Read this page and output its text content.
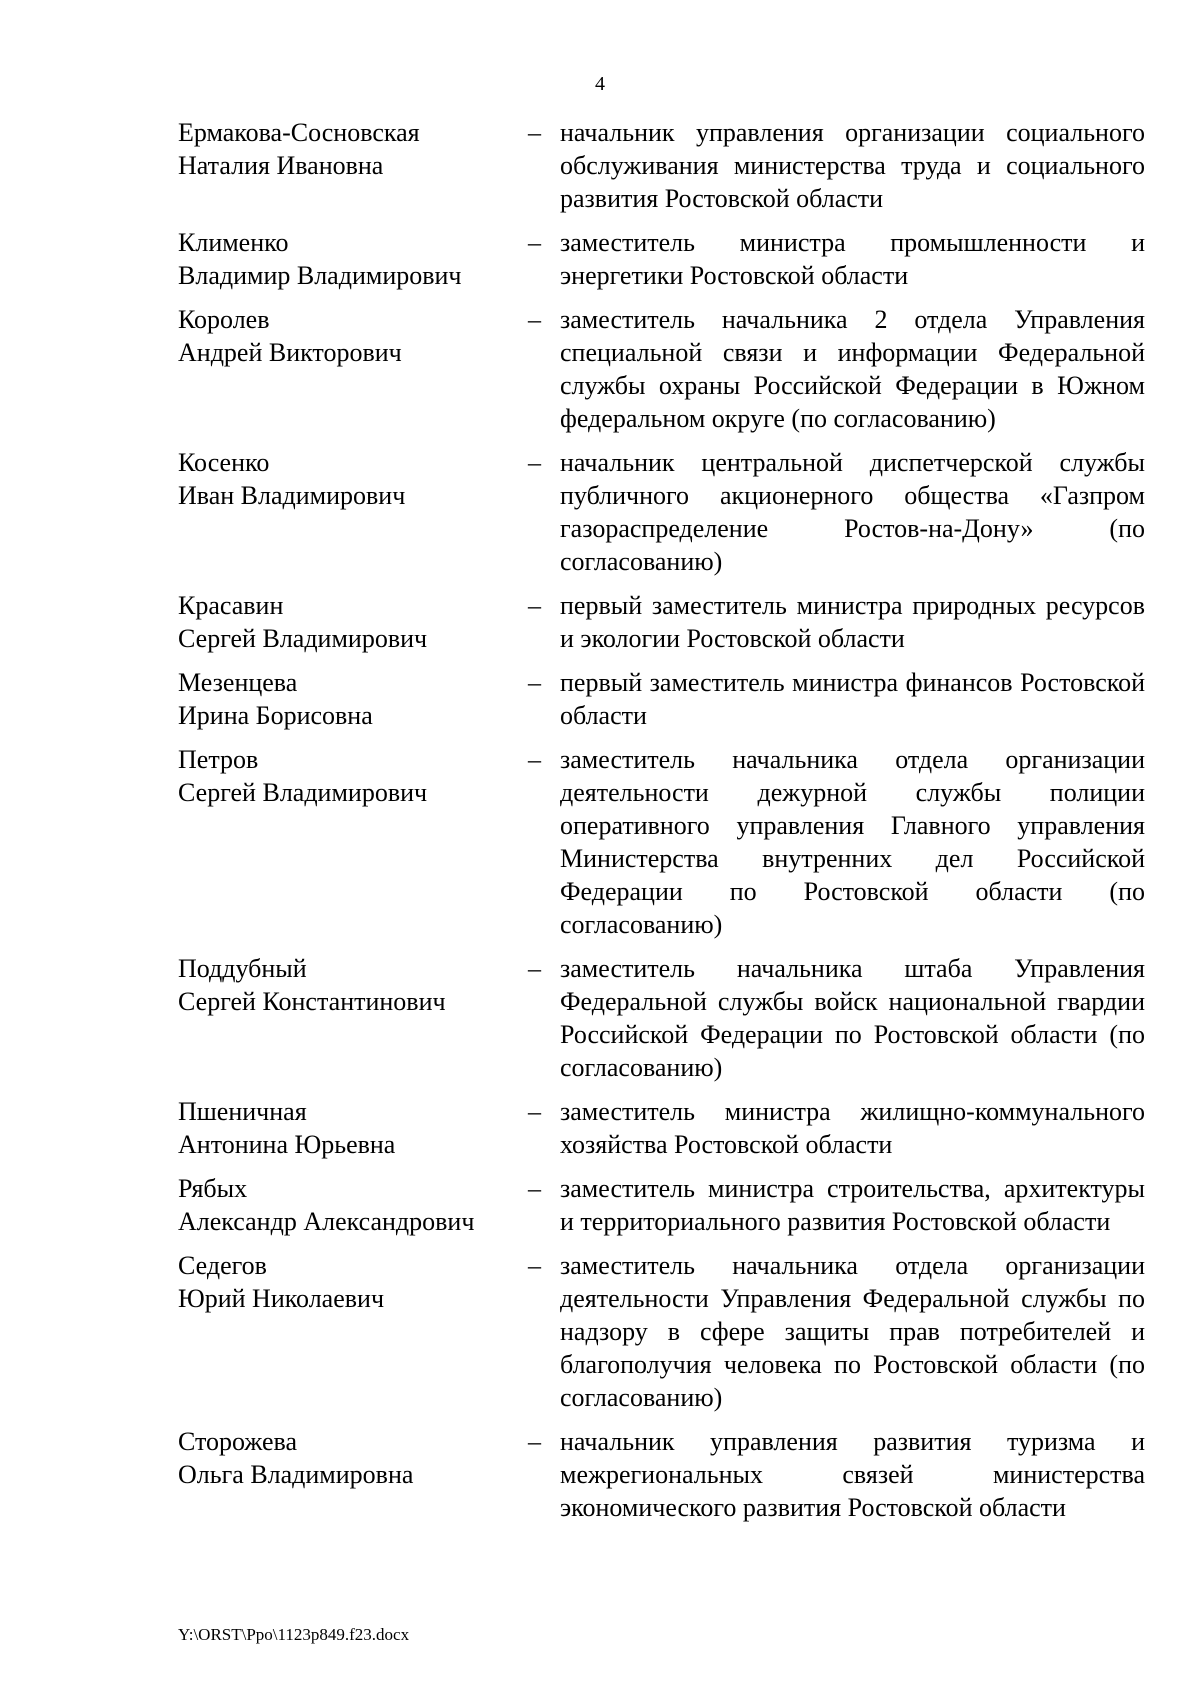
4
Ермакова-Сосновская
Наталия Ивановна
– начальник управления организации социального обслуживания министерства труда и социального развития Ростовской области
Клименко
Владимир Владимирович
– заместитель министра промышленности и энергетики Ростовской области
Королев
Андрей Викторович
– заместитель начальника 2 отдела Управления специальной связи и информации Федеральной службы охраны Российской Федерации в Южном федеральном округе (по согласованию)
Косенко
Иван Владимирович
– начальник центральной диспетчерской службы публичного акционерного общества «Газпром газораспределение Ростов-на-Дону» (по согласованию)
Красавин
Сергей Владимирович
– первый заместитель министра природных ресурсов и экологии Ростовской области
Мезенцева
Ирина Борисовна
– первый заместитель министра финансов Ростовской области
Петров
Сергей Владимирович
– заместитель начальника отдела организации деятельности дежурной службы полиции оперативного управления Главного управления Министерства внутренних дел Российской Федерации по Ростовской области (по согласованию)
Поддубный
Сергей Константинович
– заместитель начальника штаба Управления Федеральной службы войск национальной гвардии Российской Федерации по Ростовской области (по согласованию)
Пшеничная
Антонина Юрьевна
– заместитель министра жилищно-коммунального хозяйства Ростовской области
Рябых
Александр Александрович
– заместитель министра строительства, архитектуры и территориального развития Ростовской области
Седегов
Юрий Николаевич
– заместитель начальника отдела организации деятельности Управления Федеральной службы по надзору в сфере защиты прав потребителей и благополучия человека по Ростовской области (по согласованию)
Сторожева
Ольга Владимировна
– начальник управления развития туризма и межрегиональных связей министерства экономического развития Ростовской области
Y:\ORST\Ppo\1123p849.f23.docx
